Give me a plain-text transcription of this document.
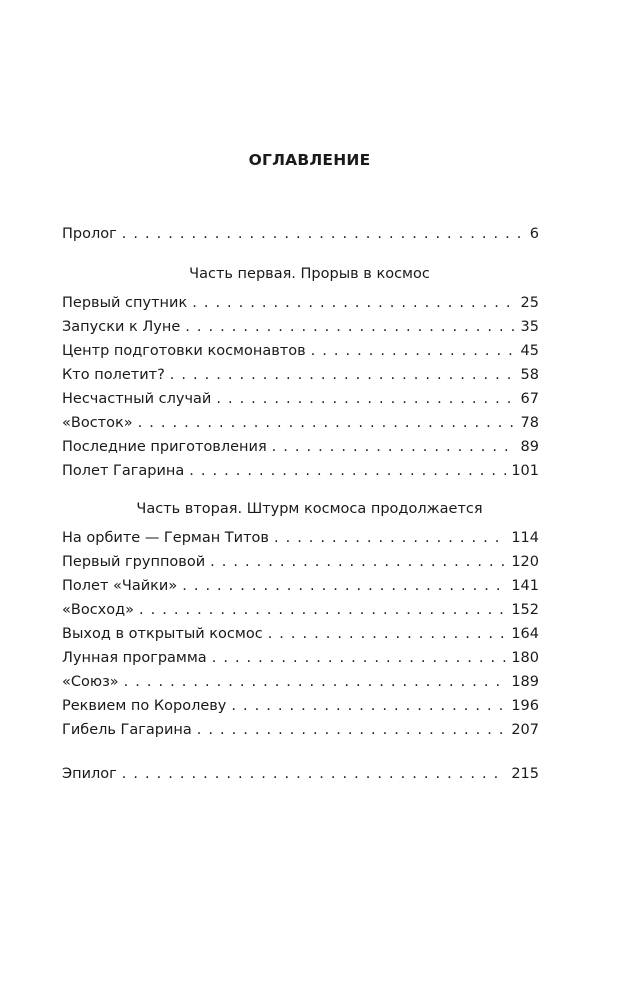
ОГЛАВЛЕНИЕ
Пролог . . .	6
Часть первая. Прорыв в космос
Первый спутник . . .	25
Запуски к Луне . . .	35
Центр подготовки космонавтов . . .	45
Кто полетит? . . .	58
Несчастный случай . . .	67
«Восток» . . .	78
Последние приготовления . . .	89
Полет Гагарина . . .	101
Часть вторая. Штурм космоса продолжается
На орбите — Герман Титов . . .	114
Первый групповой . . .	120
Полет «Чайки» . . .	141
«Восход» . . .	152
Выход в открытый космос . . .	164
Лунная программа . . .	180
«Союз» . . .	189
Реквием по Королеву . . .	196
Гибель Гагарина . . .	207
Эпилог . . .	215
